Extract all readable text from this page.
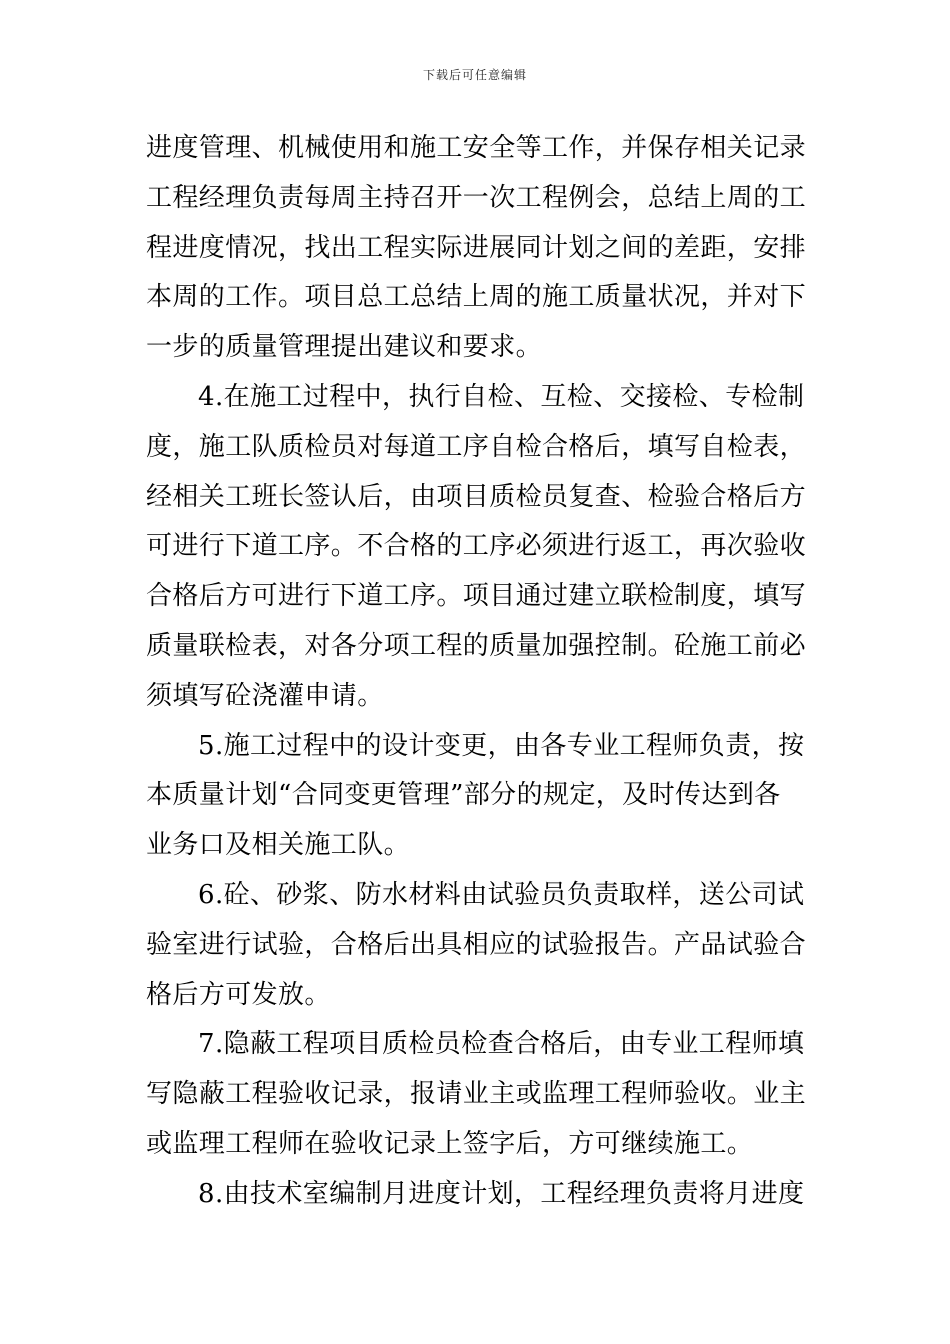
下载后可任意编辑
进度管理、机械使用和施工安全等工作，并保存相关记录
工程经理负责每周主持召开一次工程例会，总结上周的工
程进度情况，找出工程实际进展同计划之间的差距，安排
本周的工作。项目总工总结上周的施工质量状况，并对下
一步的质量管理提出建议和要求。
4.在施工过程中，执行自检、互检、交接检、专检制
度，施工队质检员对每道工序自检合格后，填写自检表，
经相关工班长签认后，由项目质检员复查、检验合格后方
可进行下道工序。不合格的工序必须进行返工，再次验收
合格后方可进行下道工序。项目通过建立联检制度，填写
质量联检表，对各分项工程的质量加强控制。砼施工前必
须填写砼浇灌申请。
5.施工过程中的设计变更，由各专业工程师负责，按
本质量计划“合同变更管理”部分的规定，及时传达到各
业务口及相关施工队。
6.砼、砂浆、防水材料由试验员负责取样，送公司试
验室进行试验，合格后出具相应的试验报告。产品试验合
格后方可发放。
7.隐蔽工程项目质检员检查合格后，由专业工程师填
写隐蔽工程验收记录，报请业主或监理工程师验收。业主
或监理工程师在验收记录上签字后，方可继续施工。
8.由技术室编制月进度计划，工程经理负责将月进度
